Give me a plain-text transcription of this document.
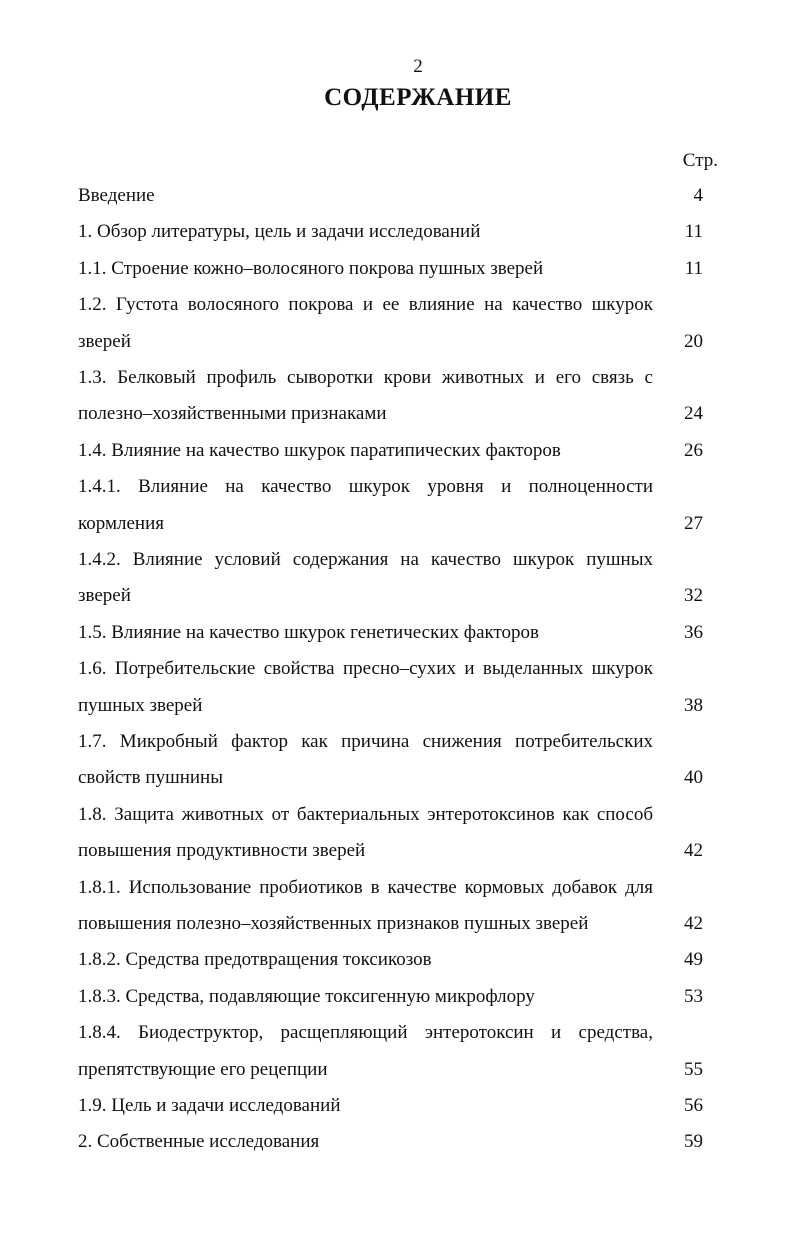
2
СОДЕРЖАНИЕ
Стр.
Введение	4
1. Обзор литературы, цель и задачи исследований	11
1.1. Строение кожно–волосяного покрова пушных зверей	11
1.2. Густота волосяного покрова и ее влияние на качество шкурок
зверей	20
1.3. Белковый профиль сыворотки крови животных и его связь с
полезно–хозяйственными признаками	24
1.4. Влияние на качество шкурок паратипических факторов	26
1.4.1. Влияние на качество шкурок уровня и полноценности
кормления	27
1.4.2. Влияние условий содержания на качество шкурок пушных
зверей	32
1.5. Влияние на качество шкурок генетических факторов	36
1.6. Потребительские свойства пресно–сухих и выделанных шкурок
пушных зверей	38
1.7. Микробный фактор как причина снижения потребительских
свойств пушнины	40
1.8. Защита животных от бактериальных энтеротоксинов как способ
повышения продуктивности зверей	42
1.8.1. Использование пробиотиков в качестве кормовых добавок для
повышения полезно–хозяйственных признаков пушных зверей	42
1.8.2. Средства предотвращения токсикозов	49
1.8.3. Средства, подавляющие токсигенную микрофлору	53
1.8.4. Биодеструктор, расщепляющий энтеротоксин и средства,
препятствующие его рецепции	55
1.9. Цель и задачи исследований	56
2. Собственные исследования	59
